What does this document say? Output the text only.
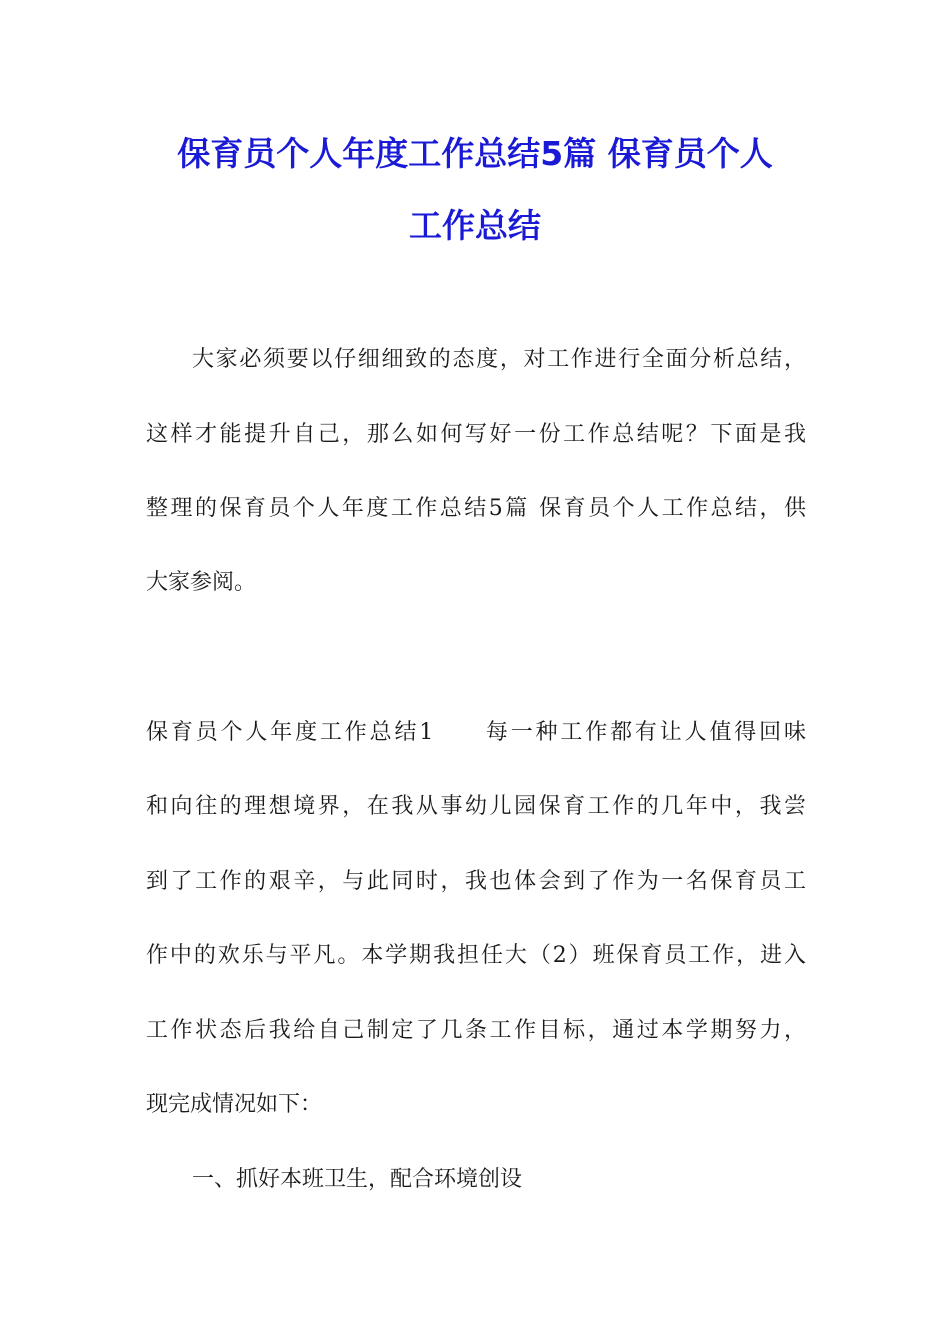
保育员个人年度工作总结5篇 保育员个人
工作总结
大家必须要以仔细细致的态度，对工作进行全面分析总结，
这样才能提升自己，那么如何写好一份工作总结呢？下面是我
整理的保育员个人年度工作总结5篇 保育员个人工作总结，供
大家参阅。
保育员个人年度工作总结1　　每一种工作都有让人值得回味
和向往的理想境界，在我从事幼儿园保育工作的几年中，我尝
到了工作的艰辛，与此同时，我也体会到了作为一名保育员工
作中的欢乐与平凡。本学期我担任大（2）班保育员工作，进入
工作状态后我给自己制定了几条工作目标，通过本学期努力，
现完成情况如下：
一、抓好本班卫生，配合环境创设
